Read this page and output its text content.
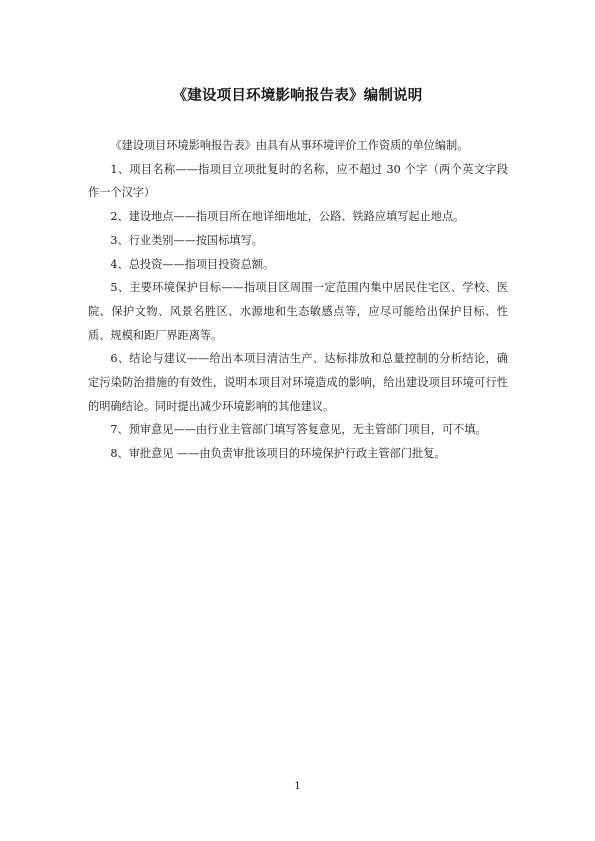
《建设项目环境影响报告表》编制说明

《建设项目环境影响报告表》由具有从事环境评价工作资质的单位编制。

1、项目名称——指项目立项批复时的名称，应不超过 30 个字（两个英文字段作一个汉字）

2、建设地点——指项目所在地详细地址，公路、铁路应填写起止地点。

3、行业类别——按国标填写。

4、总投资——指项目投资总额。

5、主要环境保护目标——指项目区周围一定范围内集中居民住宅区、学校、医院、保护文物、风景名胜区、水源地和生态敏感点等，应尽可能给出保护目标、性质、规模和距厂界距离等。

6、结论与建议——给出本项目清洁生产、达标排放和总量控制的分析结论，确定污染防治措施的有效性，说明本项目对环境造成的影响，给出建设项目环境可行性的明确结论。同时提出减少环境影响的其他建议。

7、预审意见——由行业主管部门填写答复意见，无主管部门项目，可不填。

8、审批意见 ——由负责审批该项目的环境保护行政主管部门批复。

1
